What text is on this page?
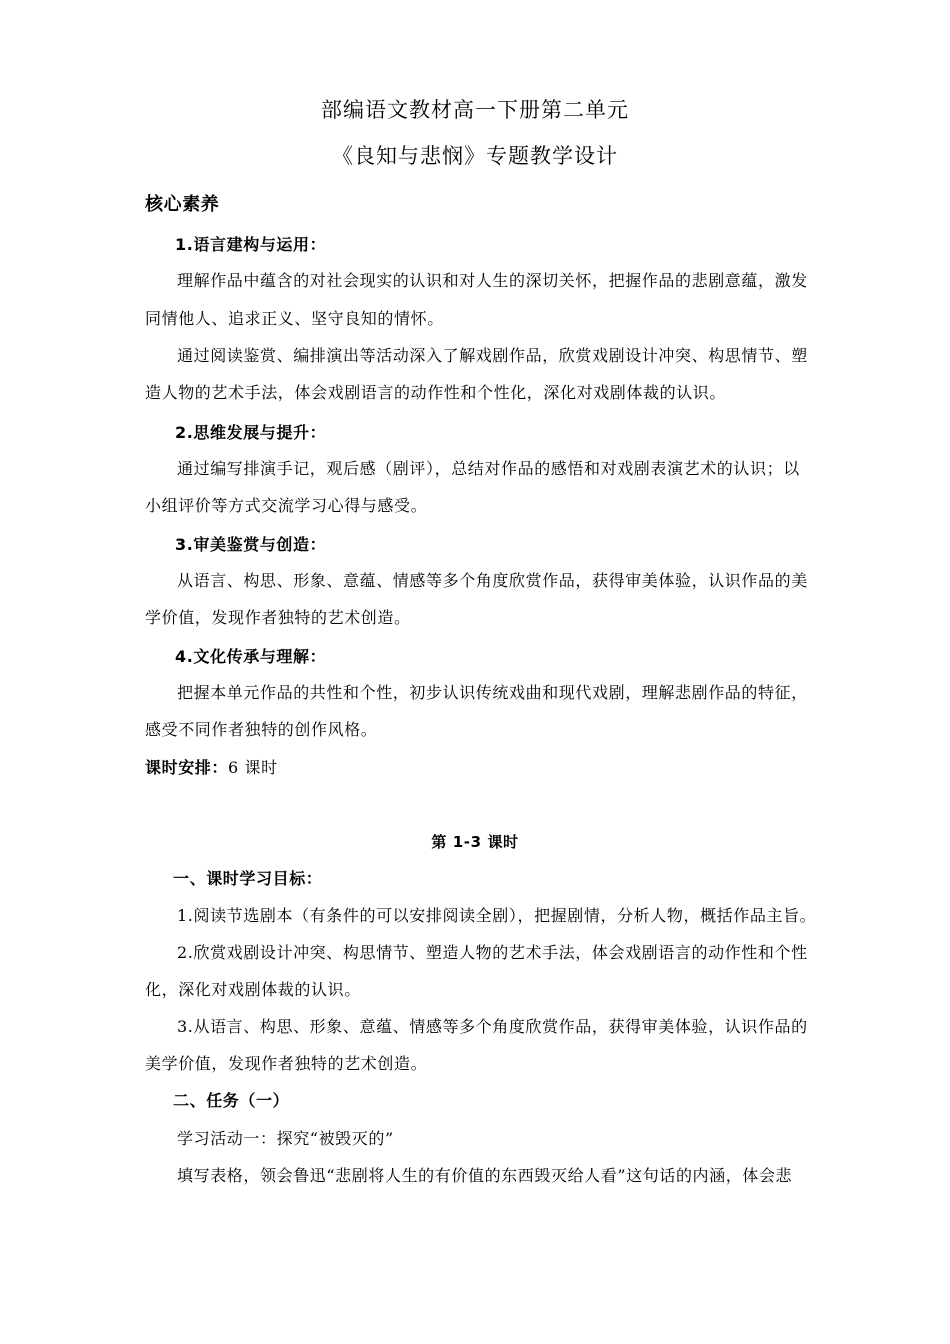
部编语文教材高一下册第二单元
《良知与悲悯》专题教学设计
核心素养
1.语言建构与运用：
理解作品中蕴含的对社会现实的认识和对人生的深切关怀，把握作品的悲剧意蕴，激发
同情他人、追求正义、坚守良知的情怀。
通过阅读鉴赏、编排演出等活动深入了解戏剧作品，欣赏戏剧设计冲突、构思情节、塑
造人物的艺术手法，体会戏剧语言的动作性和个性化，深化对戏剧体裁的认识。
2.思维发展与提升：
通过编写排演手记，观后感（剧评），总结对作品的感悟和对戏剧表演艺术的认识；以
小组评价等方式交流学习心得与感受。
3.审美鉴赏与创造：
从语言、构思、形象、意蕴、情感等多个角度欣赏作品，获得审美体验，认识作品的美
学价值，发现作者独特的艺术创造。
4.文化传承与理解：
把握本单元作品的共性和个性，初步认识传统戏曲和现代戏剧，理解悲剧作品的特征，
感受不同作者独特的创作风格。
课时安排：6 课时
第 1-3 课时
一、课时学习目标：
1.阅读节选剧本（有条件的可以安排阅读全剧），把握剧情，分析人物，概括作品主旨。
2.欣赏戏剧设计冲突、构思情节、塑造人物的艺术手法，体会戏剧语言的动作性和个性
化，深化对戏剧体裁的认识。
3.从语言、构思、形象、意蕴、情感等多个角度欣赏作品，获得审美体验，认识作品的
美学价值，发现作者独特的艺术创造。
二、任务（一）
学习活动一：探究“被毁灭的”
填写表格，领会鲁迅“悲剧将人生的有价值的东西毁灭给人看”这句话的内涵，体会悲
